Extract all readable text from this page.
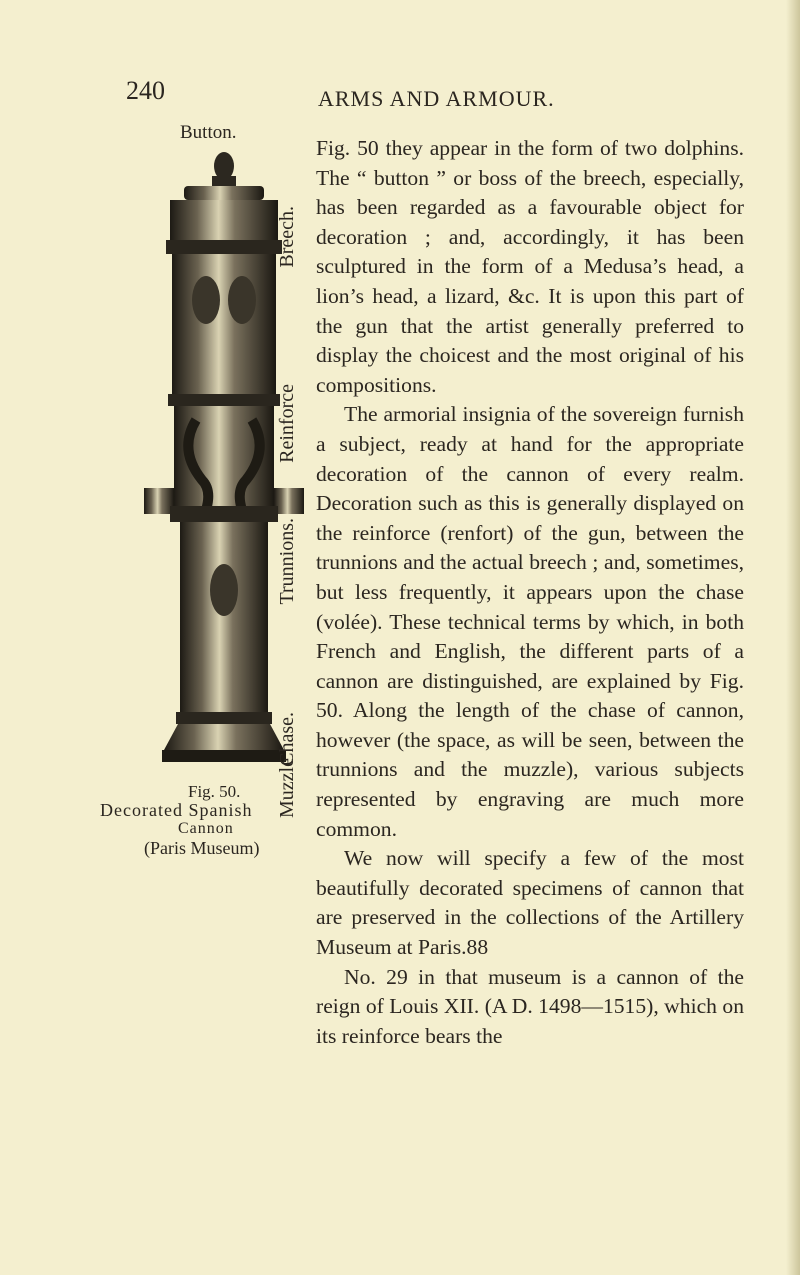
240	ARMS AND ARMOUR.
Button.
Breech.
Reinforce
Trunnions.
Chase.
Muzzle
Fig. 50.
Decorated Spanish
Cannon
(Paris Museum)

Fig. 50 they appear in the form of two dolphins. The “ button ” or boss of the breech, especially, has been regarded as a favourable object for decoration ; and, accordingly, it has been sculptured in the form of a Medusa’s head, a lion’s head, a lizard, &c. It is upon this part of the gun that the artist generally preferred to display the choicest and the most original of his compositions.

The armorial insignia of the sovereign furnish a subject, ready at hand for the appropriate decoration of the cannon of every realm. Decoration such as this is generally displayed on the reinforce (renfort) of the gun, between the trunnions and the actual breech ; and, sometimes, but less frequently, it appears upon the chase (volée). These technical terms by which, in both French and English, the different parts of a cannon are distinguished, are explained by Fig. 50. Along the length of the chase of cannon, however (the space, as will be seen, between the trunnions and the muzzle), various subjects represented by engraving are much more common.

We now will specify a few of the most beautifully decorated specimens of cannon that are preserved in the collections of the Artillery Museum at Paris.88

No. 29 in that museum is a cannon of the reign of Louis XII. (A D. 1498—1515), which on its reinforce bears the
